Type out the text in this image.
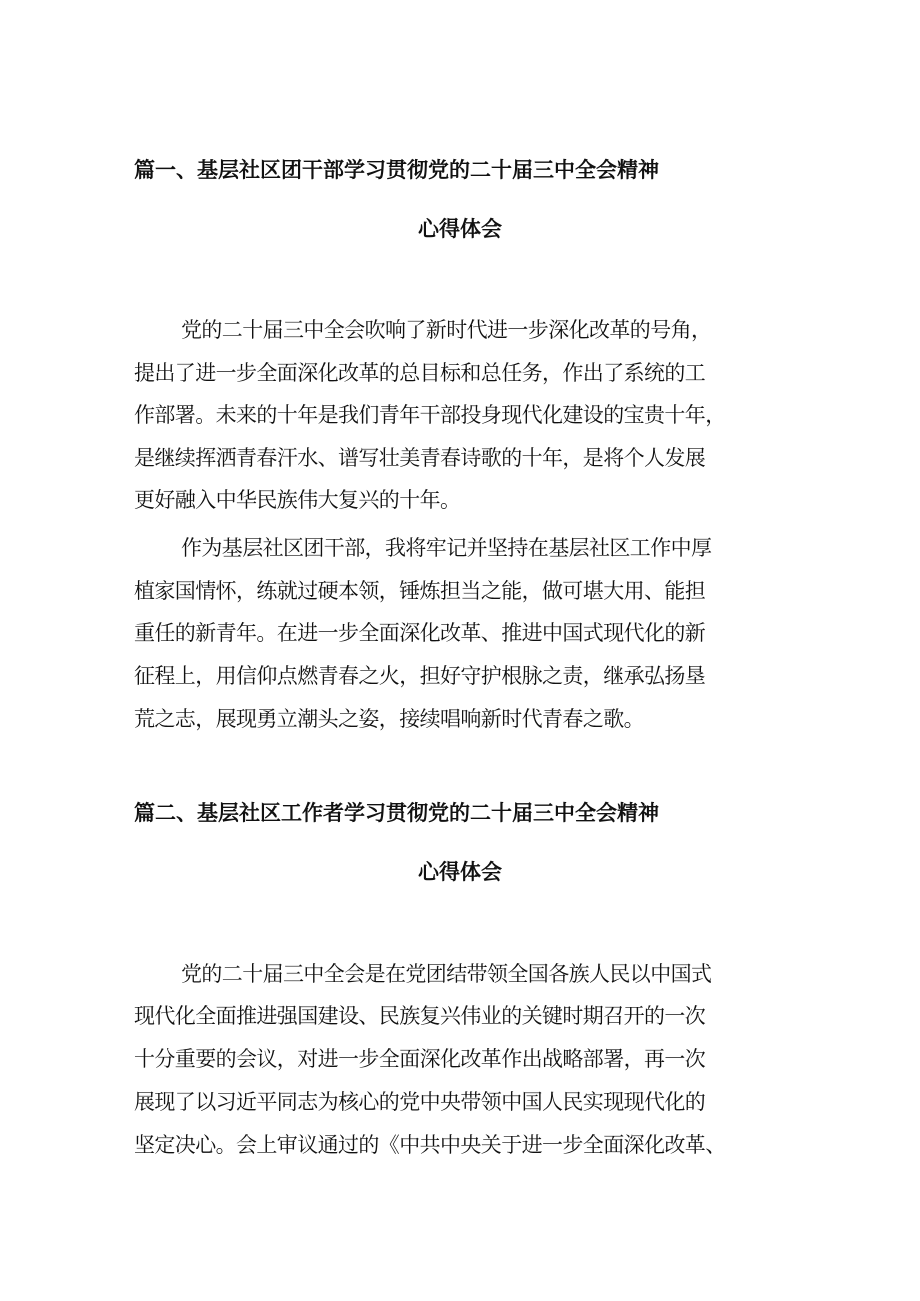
篇一、基层社区团干部学习贯彻党的二十届三中全会精神

心得体会

党的二十届三中全会吹响了新时代进一步深化改革的号角，

提出了进一步全面深化改革的总目标和总任务，作出了系统的工

作部署。未来的十年是我们青年干部投身现代化建设的宝贵十年，

是继续挥洒青春汗水、谱写壮美青春诗歌的十年，是将个人发展

更好融入中华民族伟大复兴的十年。

作为基层社区团干部，我将牢记并坚持在基层社区工作中厚

植家国情怀，练就过硬本领，锤炼担当之能，做可堪大用、能担

重任的新青年。在进一步全面深化改革、推进中国式现代化的新

征程上，用信仰点燃青春之火，担好守护根脉之责，继承弘扬垦

荒之志，展现勇立潮头之姿，接续唱响新时代青春之歌。

篇二、基层社区工作者学习贯彻党的二十届三中全会精神

心得体会

党的二十届三中全会是在党团结带领全国各族人民以中国式

现代化全面推进强国建设、民族复兴伟业的关键时期召开的一次

十分重要的会议，对进一步全面深化改革作出战略部署，再一次

展现了以习近平同志为核心的党中央带领中国人民实现现代化的

坚定决心。会上审议通过的《中共中央关于进一步全面深化改革、
